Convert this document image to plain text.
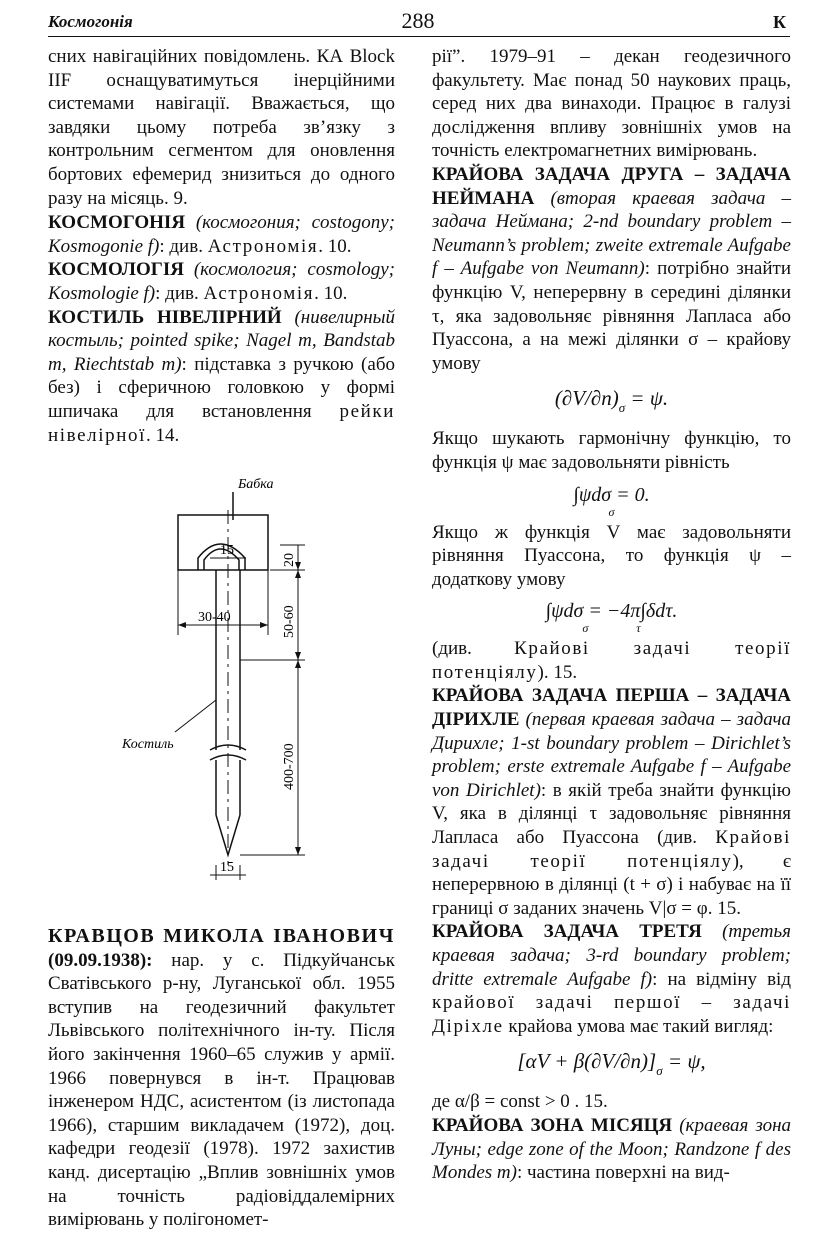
Космогонія	288	К

сних навігаційних повідомлень. КА Block IIF оснащуватимуться інерційними системами навігації. Вважається, що завдяки цьому потреба зв’язку з контрольним сегментом для оновлення бортових ефемерид знизиться до одного разу на місяць. 9.

КОСМОГОНІЯ (космогония; costogony; Kosmogonie f): див. Астрономія. 10.

КОСМОЛОГІЯ (космология; cosmology; Kosmologie f): див. Астрономія. 10.

КОСТИЛЬ НІВЕЛІРНИЙ (нивелирный костыль; pointed spike; Nagel m, Bandstab m, Riechtstab m): підставка з ручкою (або без) і сферичною головкою у формі шпичака для встановлення рейки нівелірної. 14.

Бабка
Костиль
15
30-40
15
20
50-60
400-700
КРАВЦОВ МИКОЛА ІВАНОВИЧ (09.09.1938): нар. у с. Підкуйчанськ Сватівського р-ну, Луганської обл. 1955 вступив на геодезичний факультет Львівського політехнічного ін-ту. Після його закінчення 1960–65 служив у армії. 1966 повернувся в ін-т. Працював інженером НДС, асистентом (із листопада 1966), старшим викладачем (1972), доц. кафедри геодезії (1978). 1972 захистив канд. дисертацію „Вплив зовнішніх умов на точність радіовіддалемірних вимірювань у полігономет-

рії”. 1979–91 – декан геодезичного факультету. Має понад 50 наукових праць, серед них два винаходи. Працює в галузі дослідження впливу зовнішніх умов на точність електромагнетних вимірювань.

КРАЙОВА ЗАДАЧА ДРУГА – ЗАДАЧА НЕЙМАНА (вторая краевая задача – задача Неймана; 2-nd boundary problem – Neumann’s problem; zweite extremale Aufgabe f – Aufgabe von Neumann): потрібно знайти функцію V, неперервну в середині ділянки τ, яка задовольняє рівняння Лапласа або Пуассона, а на межі ділянки σ – крайову умову

$(\partial V/\partial n)_\sigma = \psi$.

Якщо шукають гармонічну функцію, то функція ψ має задовольняти рівність

∫ψdσ = 0.
σ

Якщо ж функція V має задовольняти рівняння Пуассона, то функція ψ – додаткову умову

∫ψdσ = −4π∫δdτ.
σ                τ

(див. Крайові задачі теорії потенціялу). 15.

КРАЙОВА ЗАДАЧА ПЕРША – ЗАДАЧА ДІРИХЛЕ (первая краевая задача – задача Дирихле; 1-st boundary problem – Dirichlet’s problem; erste extremale Aufgabe f – Aufgabe von Dirichlet): в якій треба знайти функцію V, яка в ділянці τ задовольняє рівняння Лапласа або Пуассона (див. Крайові задачі теорії потенціялу), є неперервною в ділянці (t + σ) і набуває на її границі σ заданих значень V|σ = φ. 15.

КРАЙОВА ЗАДАЧА ТРЕТЯ (третья краевая задача; 3-rd boundary problem; dritte extremale Aufgabe f): на відміну від крайової задачі першої – задачі Діріхле крайова умова має такий вигляд:

$[\alpha V + \beta(\partial V/\partial n)]_\sigma = \psi$,

де α/β = const > 0 . 15.

КРАЙОВА ЗОНА МІСЯЦЯ (краевая зона Луны; edge zone of the Moon; Randzone f des Mondes m): частина поверхні на вид-
